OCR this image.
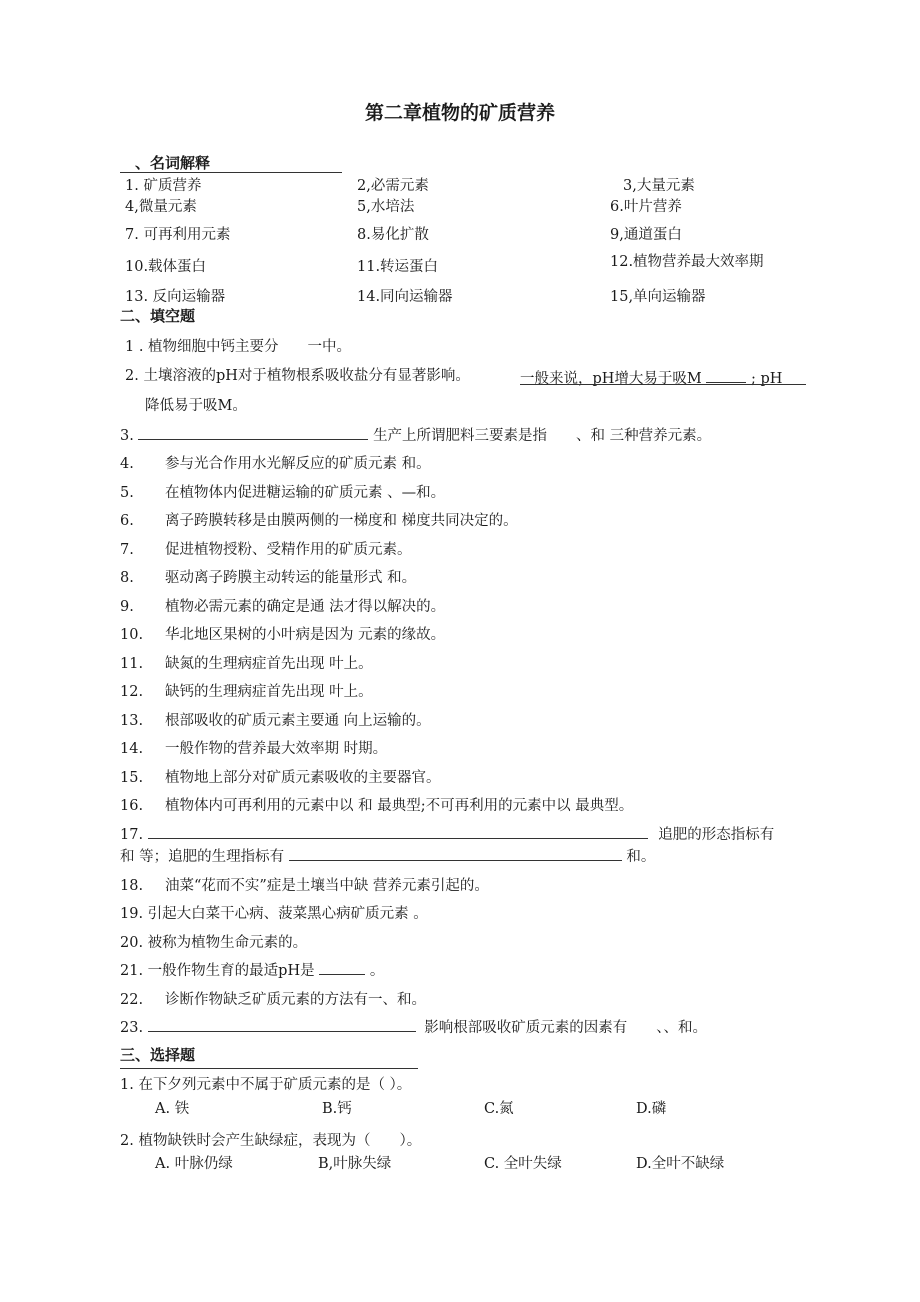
第二章植物的矿质营养
、名词解释
1. 矿质营养	2,必需元素	3,大量元素
4,微量元素	5,水培法	6.叶片营养
7. 可再利用元素	8.易化扩散	9,通道蛋白
10.载体蛋白	11.转运蛋白	12.植物营养最大效率期
13. 反向运输器	14.同向运输器	15,单向运输器
二、填空题
1 . 植物细胞中钙主要分　　一中。
2. 土壤溶液的pH对于植物根系吸收盐分有显著影响。	一般来说，pH增大易于吸M	; pH
降低易于吸M。
3.	生产上所谓肥料三要素是指　　、和 三种营养元素。
4. 参与光合作用水光解反应的矿质元素 和。
5. 在植物体内促进糖运输的矿质元素 、—和。
6. 离子跨膜转移是由膜两侧的一梯度和 梯度共同决定的。
7. 促进植物授粉、受精作用的矿质元素。
8. 驱动离子跨膜主动转运的能量形式 和。
9. 植物必需元素的确定是通 法才得以解决的。
10. 华北地区果树的小叶病是因为 元素的缘故。
11. 缺氮的生理病症首先出现 叶上。
12. 缺钙的生理病症首先出现 叶上。
13. 根部吸收的矿质元素主要通 向上运输的。
14. 一般作物的营养最大效率期 时期。
15. 植物地上部分对矿质元素吸收的主要器官。
16. 植物体内可再利用的元素中以 和 最典型;不可再利用的元素中以 最典型。
17.	追肥的形态指标有
和 等；追肥的生理指标有	和。
18. 油菜“花而不实”症是土壤当中缺 营养元素引起的。
19. 引起大白菜干心病、菠菜黑心病矿质元素 。
20. 被称为植物生命元素的。
21. 一般作物生育的最适pH是	。
22. 诊断作物缺乏矿质元素的方法有一、和。
23.	影响根部吸收矿质元素的因素有　　、、和。
三、选择题
1. 在下夕列元素中不属于矿质元素的是（ ）。
A. 铁	B.钙	C.氮	D.磷
2. 植物缺铁时会产生缺绿症，表现为（　　）。
A. 叶脉仍绿	B,叶脉失绿	C. 全叶失绿	D.全叶不缺绿
